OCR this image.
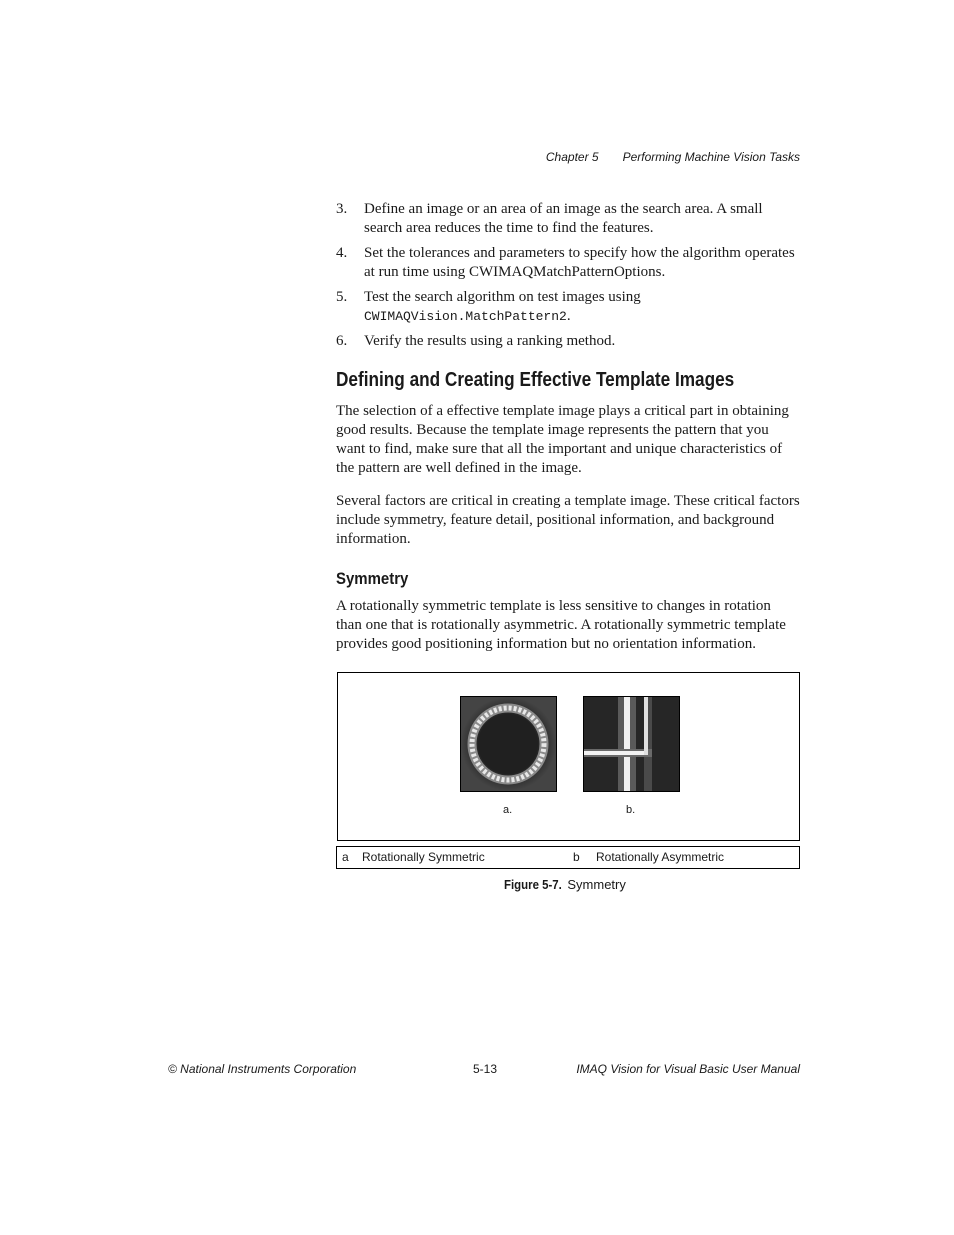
Chapter 5 Performing Machine Vision Tasks
3. Define an image or an area of an image as the search area. A small search area reduces the time to find the features.
4. Set the tolerances and parameters to specify how the algorithm operates at run time using CWIMAQMatchPatternOptions.
5. Test the search algorithm on test images using
CWIMAQVision.MatchPattern2.
6. Verify the results using a ranking method.
Defining and Creating Effective Template Images

The selection of a effective template image plays a critical part in obtaining good results. Because the template image represents the pattern that you want to find, make sure that all the important and unique characteristics of the pattern are well defined in the image.

Several factors are critical in creating a template image. These critical factors include symmetry, feature detail, positional information, and background information.

Symmetry

A rotationally symmetric template is less sensitive to changes in rotation than one that is rotationally asymmetric. A rotationally symmetric template provides good positioning information but no orientation information.

a.	b.
a Rotationally Symmetric	b Rotationally Asymmetric
Figure 5-7. Symmetry
© National Instruments Corporation	5-13	IMAQ Vision for Visual Basic User Manual
